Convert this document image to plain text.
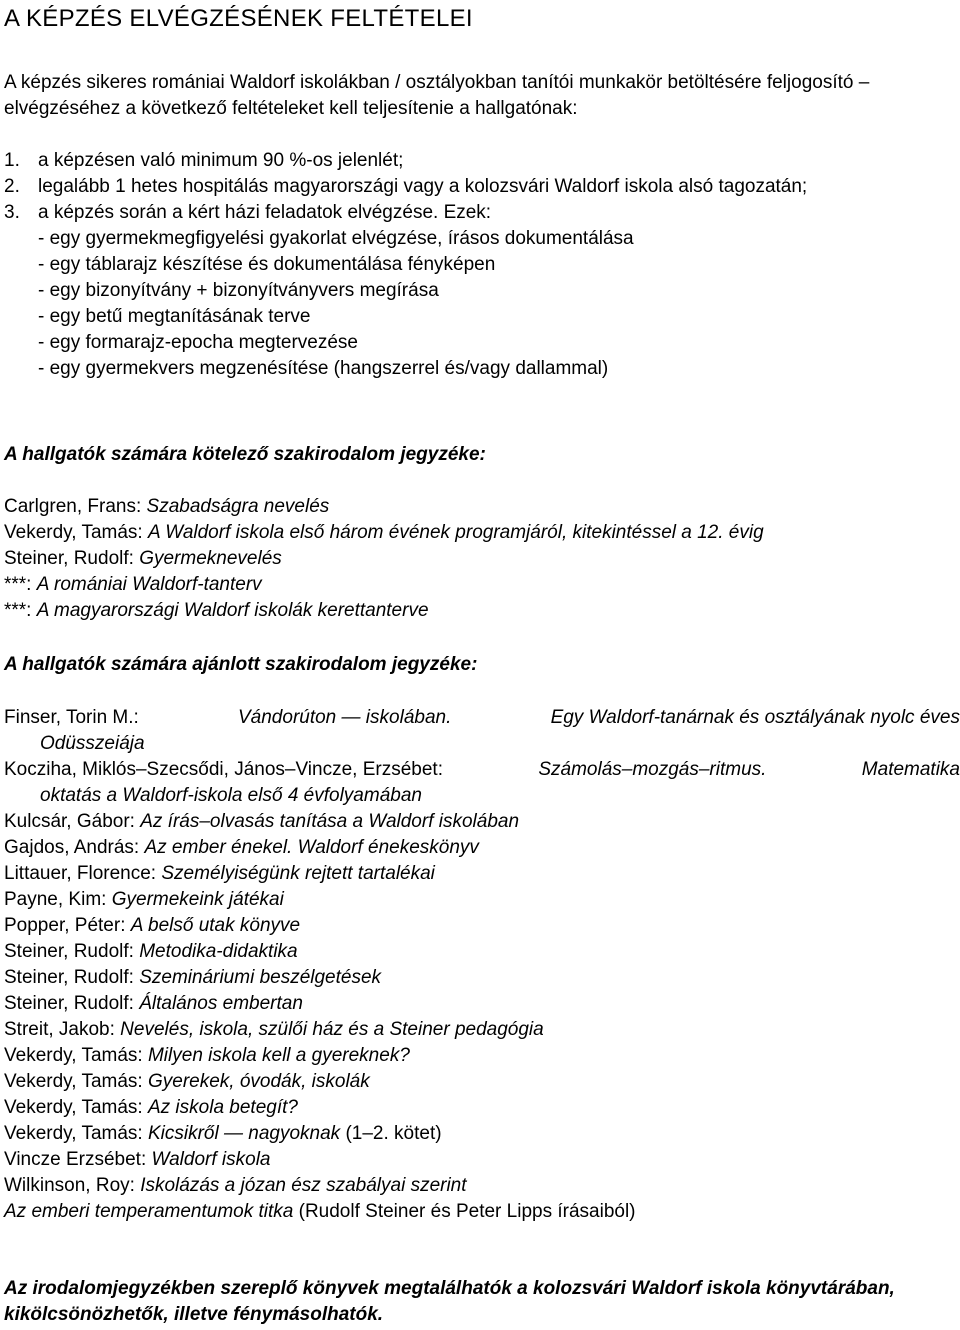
A KÉPZÉS ELVÉGZÉSÉNEK FELTÉTELEI

A képzés sikeres romániai Waldorf iskolákban / osztályokban tanítói munkakör betöltésére feljogosító – elvégzéséhez a következő feltételeket kell teljesítenie a hallgatónak:

1. a képzésen való minimum 90 %-os jelenlét;
2. legalább 1 hetes hospitálás magyarországi vagy a kolozsvári Waldorf iskola alsó tagozatán;
3. a képzés során a kért házi feladatok elvégzése. Ezek:
- egy gyermekmegfigyelési gyakorlat elvégzése, írásos dokumentálása
- egy táblarajz készítése és dokumentálása fényképen
- egy bizonyítvány + bizonyítványvers megírása
- egy betű megtanításának terve
- egy formarajz-epocha megtervezése
- egy gyermekvers megzenésítése (hangszerrel és/vagy dallammal)
A hallgatók számára kötelező szakirodalom jegyzéke:
Carlgren, Frans: Szabadságra nevelés
Vekerdy, Tamás: A Waldorf iskola első három évének programjáról, kitekintéssel a 12. évig
Steiner, Rudolf: Gyermeknevelés
***: A romániai Waldorf-tanterv
***: A magyarországi Waldorf iskolák kerettanterve
A hallgatók számára ajánlott szakirodalom jegyzéke:
Finser, Torin M.:	Vándorúton — iskolában.	Egy Waldorf-tanárnak és osztályának nyolc éves
Odüsszeiája
Kocziha, Miklós–Szecsődi, János–Vincze, Erzsébet:	Számolás–mozgás–ritmus.	Matematika
oktatás a Waldorf-iskola első 4 évfolyamában
Kulcsár, Gábor: Az írás–olvasás tanítása a Waldorf iskolában
Gajdos, András: Az ember énekel. Waldorf énekeskönyv
Littauer, Florence: Személyiségünk rejtett tartalékai
Payne, Kim: Gyermekeink játékai
Popper, Péter: A belső utak könyve
Steiner, Rudolf: Metodika-didaktika
Steiner, Rudolf: Szemináriumi beszélgetések
Steiner, Rudolf: Általános embertan
Streit, Jakob: Nevelés, iskola, szülői ház és a Steiner pedagógia
Vekerdy, Tamás: Milyen iskola kell a gyereknek?
Vekerdy, Tamás: Gyerekek, óvodák, iskolák
Vekerdy, Tamás: Az iskola betegít?
Vekerdy, Tamás: Kicsikről — nagyoknak (1–2. kötet)
Vincze Erzsébet: Waldorf iskola
Wilkinson, Roy: Iskolázás a józan ész szabályai szerint
Az emberi temperamentumok titka (Rudolf Steiner és Peter Lipps írásaiból)

Az irodalomjegyzékben szereplő könyvek megtalálhatók a kolozsvári Waldorf iskola könyvtárában, kikölcsönözhetők, illetve fénymásolhatók.
